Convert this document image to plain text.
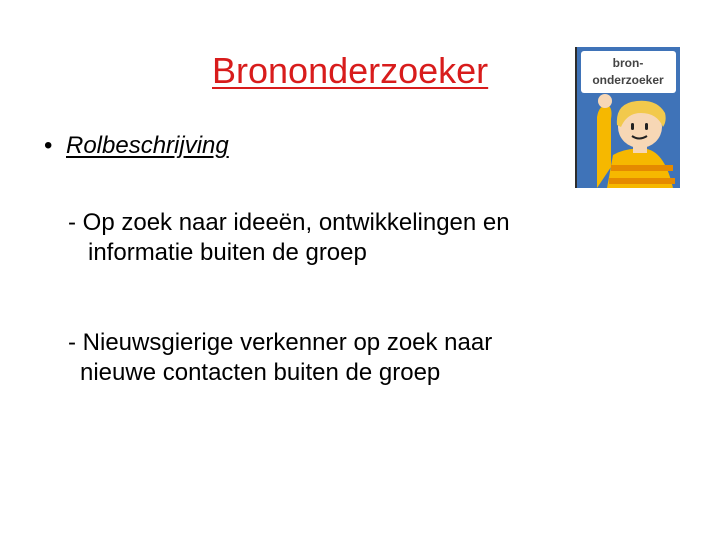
Brononderzoeker
• Rolbeschrijving
- Op zoek naar ideeën, ontwikkelingen en
informatie buiten de groep
- Nieuwsgierige verkenner op zoek naar
nieuwe contacten buiten de groep
bron-
onderzoeker
